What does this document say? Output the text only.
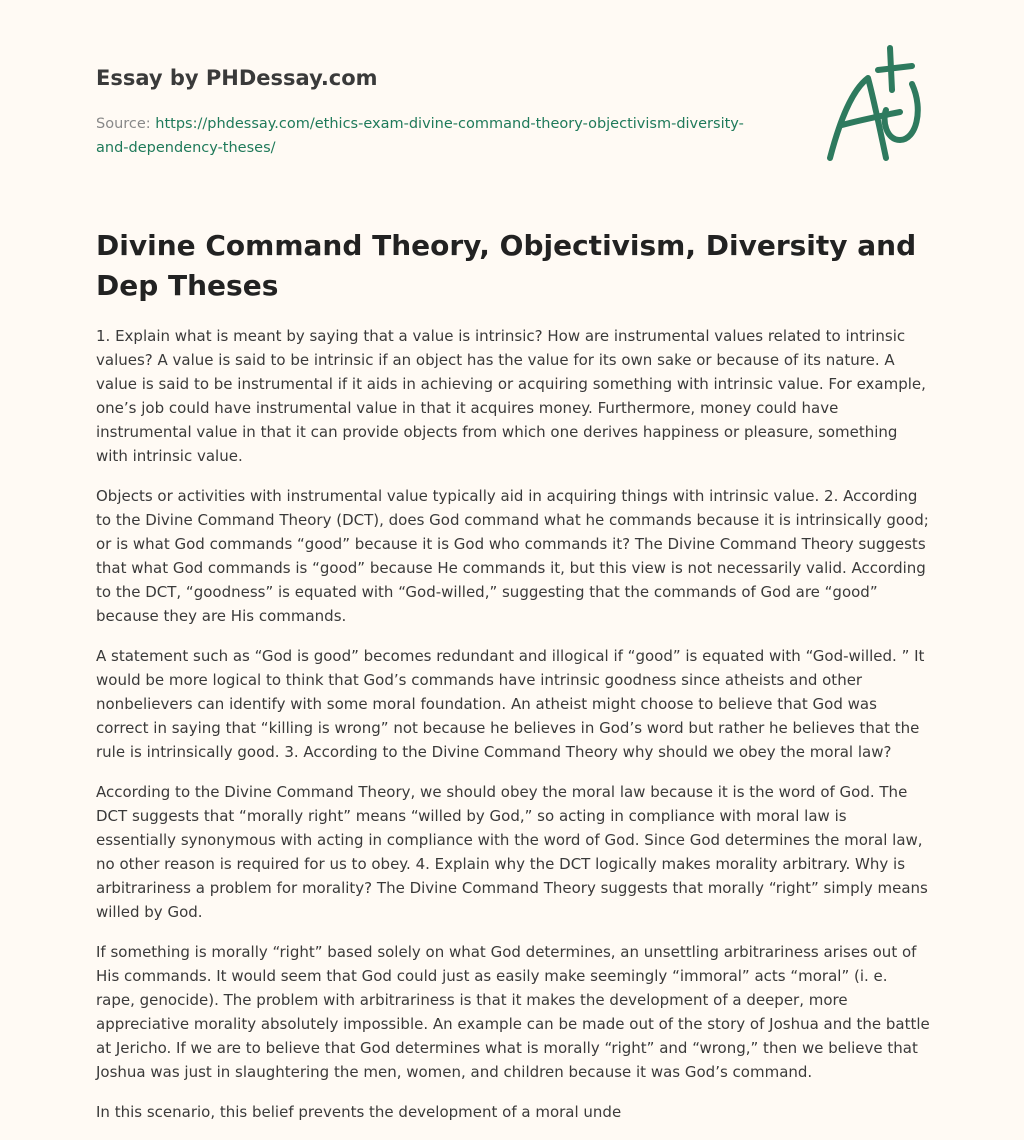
Essay by PHDessay.com
Source: https://phdessay.com/ethics-exam-divine-command-theory-objectivism-diversity-and-dependency-theses/
Divine Command Theory, Objectivism, Diversity and Dep Theses

1. Explain what is meant by saying that a value is intrinsic? How are instrumental values related to intrinsic values? A value is said to be intrinsic if an object has the value for its own sake or because of its nature. A value is said to be instrumental if it aids in achieving or acquiring something with intrinsic value. For example, one’s job could have instrumental value in that it acquires money. Furthermore, money could have instrumental value in that it can provide objects from which one derives happiness or pleasure, something with intrinsic value.

Objects or activities with instrumental value typically aid in acquiring things with intrinsic value. 2. According to the Divine Command Theory (DCT), does God command what he commands because it is intrinsically good; or is what God commands “good” because it is God who commands it? The Divine Command Theory suggests that what God commands is “good” because He commands it, but this view is not necessarily valid. According to the DCT, “goodness” is equated with “God-willed,” suggesting that the commands of God are “good” because they are His commands.

A statement such as “God is good” becomes redundant and illogical if “good” is equated with “God-willed. ” It would be more logical to think that God’s commands have intrinsic goodness since atheists and other nonbelievers can identify with some moral foundation. An atheist might choose to believe that God was correct in saying that “killing is wrong” not because he believes in God’s word but rather he believes that the rule is intrinsically good. 3. According to the Divine Command Theory why should we obey the moral law?

According to the Divine Command Theory, we should obey the moral law because it is the word of God. The DCT suggests that “morally right” means “willed by God,” so acting in compliance with moral law is essentially synonymous with acting in compliance with the word of God. Since God determines the moral law, no other reason is required for us to obey. 4. Explain why the DCT logically makes morality arbitrary. Why is arbitrariness a problem for morality? The Divine Command Theory suggests that morally “right” simply means willed by God.

If something is morally “right” based solely on what God determines, an unsettling arbitrariness arises out of His commands. It would seem that God could just as easily make seemingly “immoral” acts “moral” (i. e. rape, genocide). The problem with arbitrariness is that it makes the development of a deeper, more appreciative morality absolutely impossible. An example can be made out of the story of Joshua and the battle at Jericho. If we are to believe that God determines what is morally “right” and “wrong,” then we believe that Joshua was just in slaughtering the men, women, and children because it was God’s command.

In this scenario, this belief prevents the development of a moral unde
